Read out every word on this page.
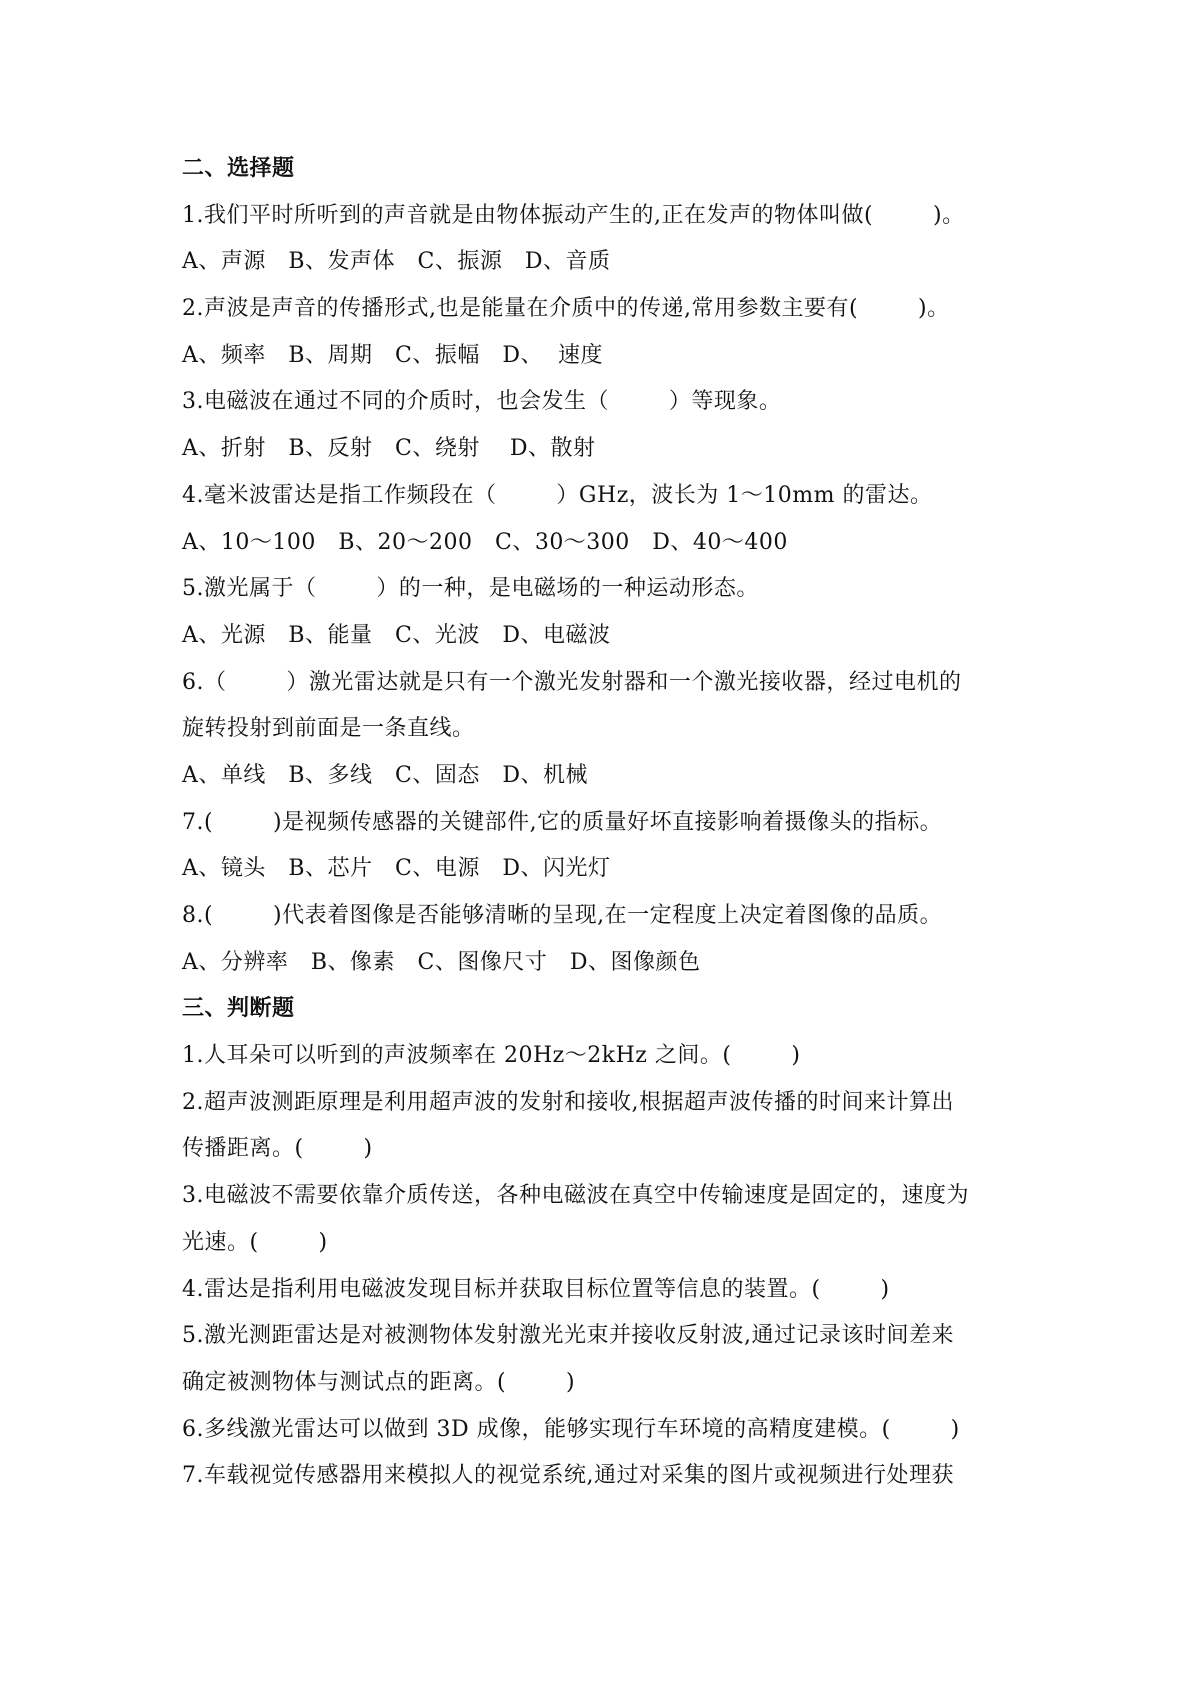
二、选择题
1.我们平时所听到的声音就是由物体振动产生的,正在发声的物体叫做(        )。
A、声源   B、发声体   C、振源   D、音质
2.声波是声音的传播形式,也是能量在介质中的传递,常用参数主要有(        )。
A、频率   B、周期   C、振幅   D、  速度
3.电磁波在通过不同的介质时，也会发生（        ）等现象。
A、折射   B、反射   C、绕射    D、散射
4.毫米波雷达是指工作频段在（        ）GHz，波长为 1～10mm 的雷达。
A、10～100   B、20～200   C、30～300   D、40～400
5.激光属于（        ）的一种，是电磁场的一种运动形态。
A、光源   B、能量   C、光波   D、电磁波
6.（        ）激光雷达就是只有一个激光发射器和一个激光接收器，经过电机的
旋转投射到前面是一条直线。
A、单线   B、多线   C、固态   D、机械
7.(        )是视频传感器的关键部件,它的质量好坏直接影响着摄像头的指标。
A、镜头   B、芯片   C、电源   D、闪光灯
8.(        )代表着图像是否能够清晰的呈现,在一定程度上决定着图像的品质。
A、分辨率   B、像素   C、图像尺寸   D、图像颜色
三、判断题
1.人耳朵可以听到的声波频率在 20Hz～2kHz 之间。(        )
2.超声波测距原理是利用超声波的发射和接收,根据超声波传播的时间来计算出
传播距离。(        )
3.电磁波不需要依靠介质传送，各种电磁波在真空中传输速度是固定的，速度为
光速。(        )
4.雷达是指利用电磁波发现目标并获取目标位置等信息的装置。(        )
5.激光测距雷达是对被测物体发射激光光束并接收反射波,通过记录该时间差来
确定被测物体与测试点的距离。(        )
6.多线激光雷达可以做到 3D 成像，能够实现行车环境的高精度建模。(        )
7.车载视觉传感器用来模拟人的视觉系统,通过对采集的图片或视频进行处理获
